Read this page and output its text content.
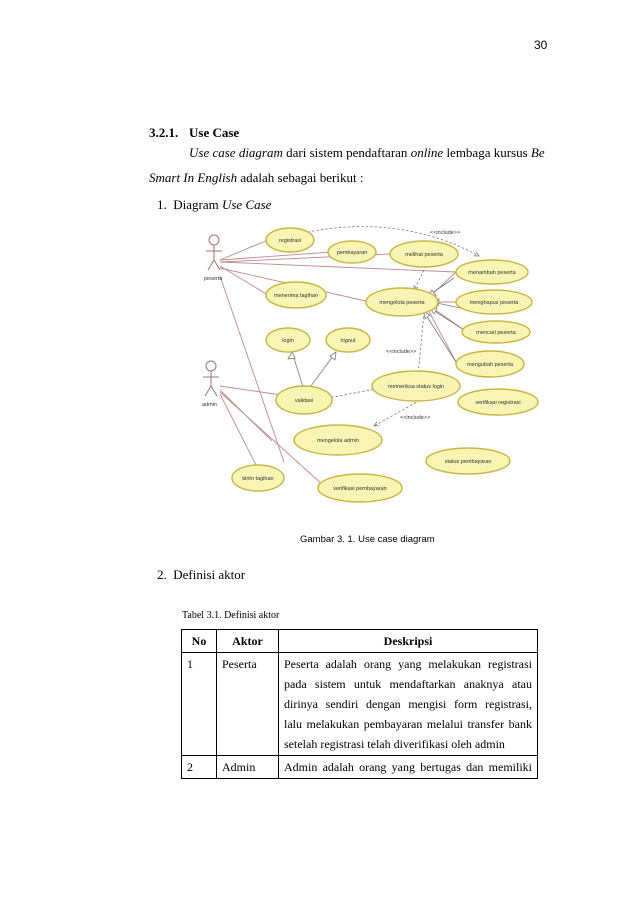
30
3.2.1. Use Case
Use case diagram dari sistem pendaftaran online lembaga kursus Be
Smart In English adalah sebagai berikut :
1. Diagram Use Case
peserta
admin
registrasi
pembayaran	melihat peserta
menambah peserta
menerima tagihan
mengelola peserta	menghapus peserta
mencari peserta
login	logout
mengubah peserta
validasi
memeriksa status login
verifikasi registrasi
mengelola admin
status pembayaran
kirim tagihan
verifikasi pembayaran
<<include>>
<<include>>
<<include>>
Gambar 3. 1. Use case diagram
2. Definisi aktor
Tabel 3.1. Definisi aktor
No	Aktor	Deskripsi
1	Peserta	Peserta adalah orang yang melakukan registrasi
pada sistem untuk mendaftarkan anaknya atau
dirinya sendiri dengan mengisi form registrasi,
lalu melakukan pembayaran melalui transfer bank
setelah registrasi telah diverifikasi oleh admin

2	Admin	Admin adalah orang yang bertugas dan memiliki
